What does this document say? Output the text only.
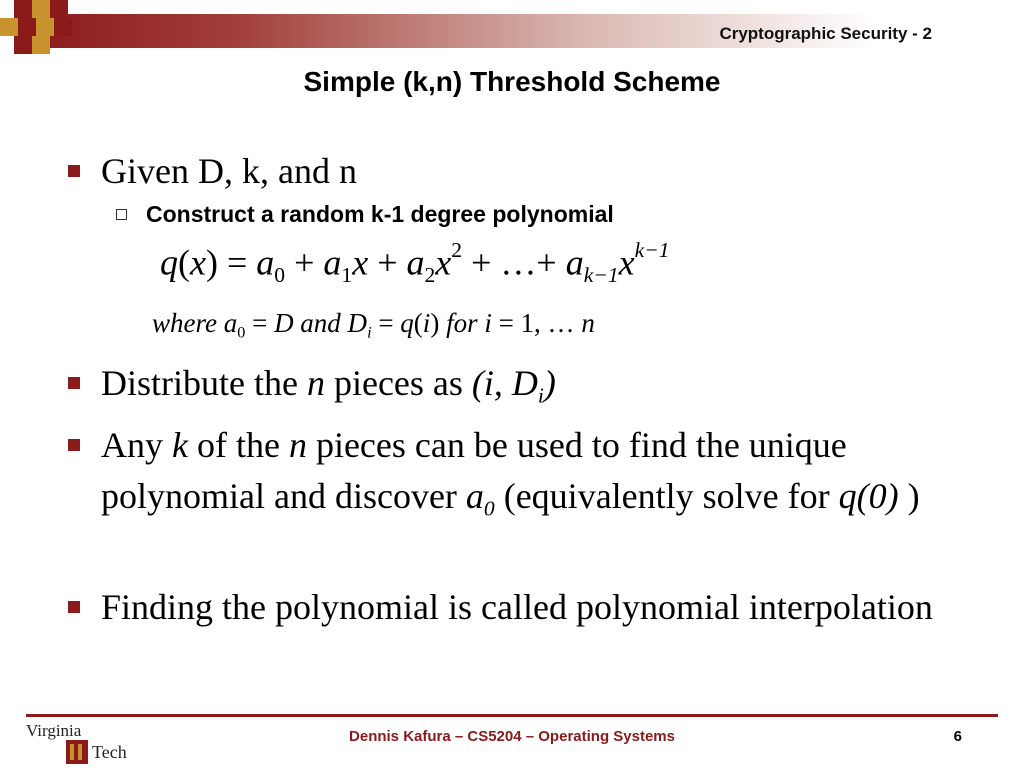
Cryptographic Security - 2
Simple (k,n) Threshold Scheme
Given D, k, and n
Construct a random k-1 degree polynomial
$q(x) = a_0 + a_1x + a_2x^2$ + …+ $a_{k-1}x^{k-1}$
where $a_0 = D$ and $D_i = q(i)$ for i = 1, … n
Distribute the n pieces as (i, $D_i$)
Any k of the n pieces can be used to find the unique polynomial and discover $a_0$ (equivalently solve for q(0) )
Finding the polynomial is called polynomial interpolation
Dennis Kafura – CS5204 – Operating Systems	6
Virginia
Tech
